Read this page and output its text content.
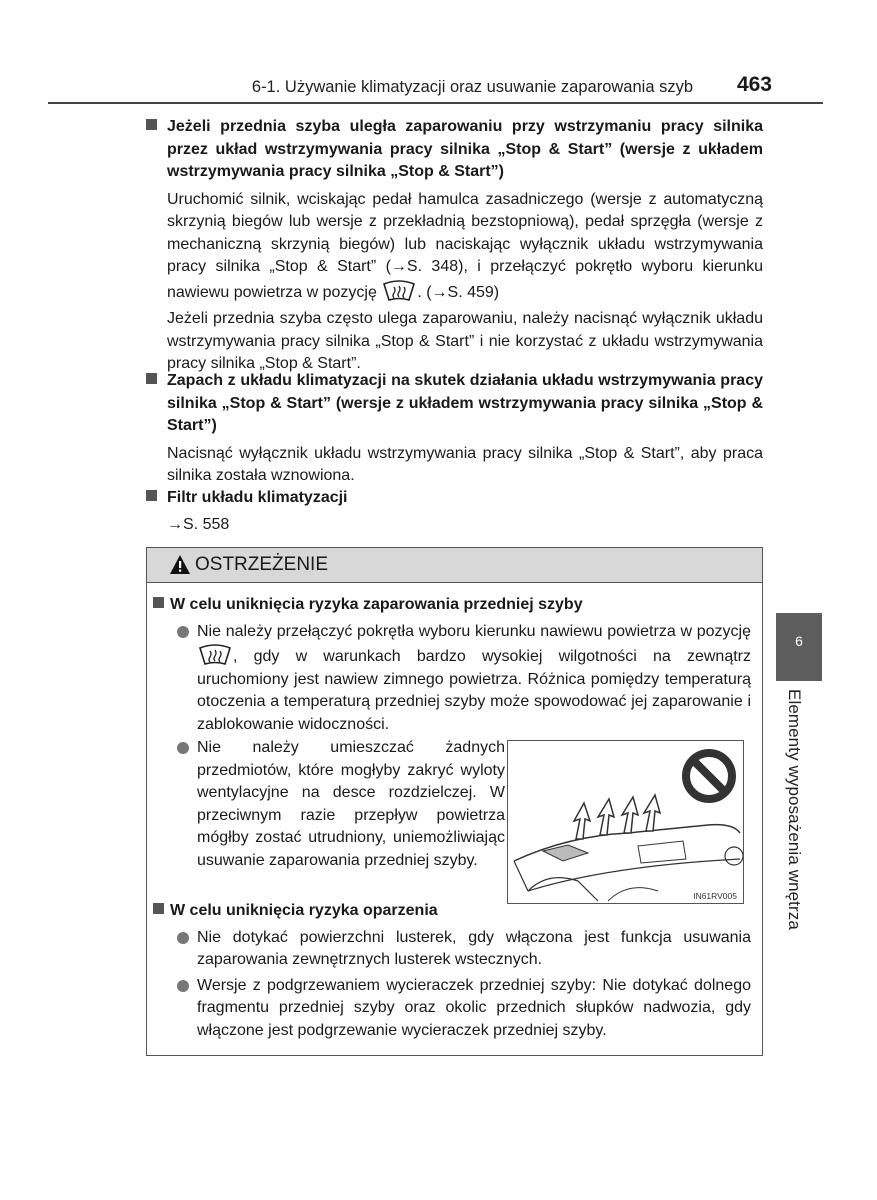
6-1. Używanie klimatyzacji oraz usuwanie zaparowania szyb 463

Jeżeli przednia szyba uległa zaparowaniu przy wstrzymaniu pracy silnika przez układ wstrzymywania pracy silnika „Stop & Start” (wersje z układem wstrzymywania pracy silnika „Stop & Start”)

Uruchomić silnik, wciskając pedał hamulca zasadniczego (wersje z automatyczną skrzynią biegów lub wersje z przekładnią bezstopniową), pedał sprzęgła (wersje z mechaniczną skrzynią biegów) lub naciskając wyłącznik układu wstrzymywania pracy silnika „Stop & Start” (→S. 348), i przełączyć pokrętło wyboru kierunku nawiewu powietrza w pozycję	. (→S. 459)

Jeżeli przednia szyba często ulega zaparowaniu, należy nacisnąć wyłącznik układu wstrzymywania pracy silnika „Stop & Start” i nie korzystać z układu wstrzymywania pracy silnika „Stop & Start”.

Zapach z układu klimatyzacji na skutek działania układu wstrzymywania pracy silnika „Stop & Start” (wersje z układem wstrzymywania pracy silnika „Stop & Start”)

Nacisnąć wyłącznik układu wstrzymywania pracy silnika „Stop & Start”, aby praca silnika została wznowiona.

Filtr układu klimatyzacji

→S. 558

OSTRZEŻENIE

W celu uniknięcia ryzyka zaparowania przedniej szyby

Nie należy przełączyć pokrętła wyboru kierunku nawiewu powietrza w pozycję , gdy w warunkach bardzo wysokiej wilgotności na zewnątrz uruchomiony jest nawiew zimnego powietrza. Różnica pomiędzy temperaturą otoczenia a temperaturą przedniej szyby może spowodować jej zaparowanie i zablokowanie widoczności.

Nie należy umieszczać żadnych przedmiotów, które mogłyby zakryć wyloty wentylacyjne na desce rozdzielczej. W przeciwnym razie przepływ powietrza mógłby zostać utrudniony, uniemożliwiając usuwanie zaparowania przedniej szyby.

W celu uniknięcia ryzyka oparzenia

Nie dotykać powierzchni lusterek, gdy włączona jest funkcja usuwania zaparowania zewnętrznych lusterek wstecznych.

Wersje z podgrzewaniem wycieraczek przedniej szyby: Nie dotykać dolnego fragmentu przedniej szyby oraz okolic przednich słupków nadwozia, gdy włączone jest podgrzewanie wycieraczek przedniej szyby.

IN61RV005
6
Elementy wyposażenia wnętrza
